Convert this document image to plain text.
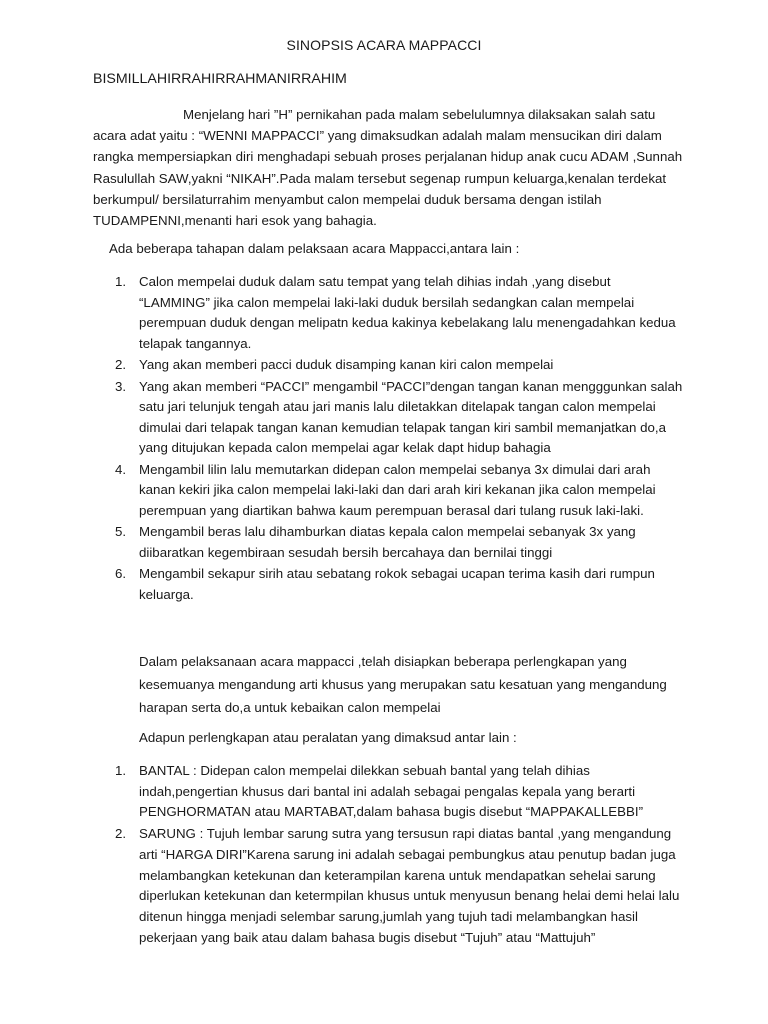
SINOPSIS ACARA MAPPACCI
BISMILLAHIRRAHIRRAHMANIRRAHIM

Menjelang hari ”H” pernikahan pada malam sebelulumnya dilaksakan salah satu acara adat yaitu : “WENNI MAPPACCI” yang dimaksudkan adalah malam mensucikan diri dalam rangka mempersiapkan diri menghadapi sebuah proses perjalanan hidup anak cucu ADAM ,Sunnah Rasulullah SAW,yakni “NIKAH”.Pada malam tersebut segenap rumpun keluarga,kenalan terdekat berkumpul/ bersilaturrahim menyambut calon mempelai duduk bersama dengan istilah TUDAMPENNI,menanti hari esok yang bahagia.

Ada beberapa tahapan dalam pelaksaan acara Mappacci,antara lain :

1. Calon mempelai duduk dalam satu tempat yang telah dihias indah ,yang disebut “LAMMING” jika calon mempelai laki-laki duduk bersilah sedangkan calan mempelai perempuan duduk dengan melipatn kedua kakinya kebelakang lalu menengadahkan kedua telapak tangannya.
2. Yang akan memberi pacci duduk disamping kanan kiri calon mempelai
3. Yang akan memberi “PACCI” mengambil “PACCI”dengan tangan kanan mengggunkan salah satu jari telunjuk tengah atau jari manis lalu diletakkan ditelapak tangan calon mempelai dimulai dari telapak tangan kanan kemudian telapak tangan kiri sambil memanjatkan do,a yang ditujukan kepada calon mempelai agar kelak dapt hidup bahagia
4. Mengambil lilin lalu memutarkan didepan calon mempelai sebanya 3x dimulai dari arah kanan kekiri jika calon mempelai laki-laki dan dari arah kiri kekanan jika calon mempelai perempuan yang diartikan bahwa kaum perempuan berasal dari tulang rusuk laki-laki.
5. Mengambil beras lalu dihamburkan diatas kepala calon mempelai sebanyak 3x yang diibaratkan kegembiraan sesudah bersih bercahaya dan bernilai tinggi
6. Mengambil sekapur sirih atau sebatang rokok sebagai ucapan terima kasih dari rumpun keluarga.

Dalam pelaksanaan acara mappacci ,telah disiapkan beberapa perlengkapan yang kesemuanya mengandung arti khusus yang merupakan satu kesatuan yang mengandung harapan serta do,a untuk kebaikan calon mempelai

Adapun perlengkapan atau peralatan yang dimaksud antar lain :

1. BANTAL : Didepan calon mempelai dilekkan sebuah bantal yang telah dihias indah,pengertian khusus dari bantal ini adalah sebagai pengalas kepala yang berarti PENGHORMATAN atau MARTABAT,dalam bahasa bugis disebut “MAPPAKALLEBBI”
2. SARUNG : Tujuh lembar sarung sutra yang tersusun rapi diatas bantal ,yang mengandung arti “HARGA DIRI”Karena sarung ini adalah sebagai pembungkus atau penutup badan juga melambangkan ketekunan dan keterampilan karena untuk mendapatkan sehelai sarung diperlukan ketekunan dan ketermpilan khusus untuk menyusun benang helai demi helai lalu ditenun hingga menjadi selembar sarung,jumlah yang tujuh tadi melambangkan hasil pekerjaan yang baik atau dalam bahasa bugis disebut “Tujuh” atau “Mattujuh”
